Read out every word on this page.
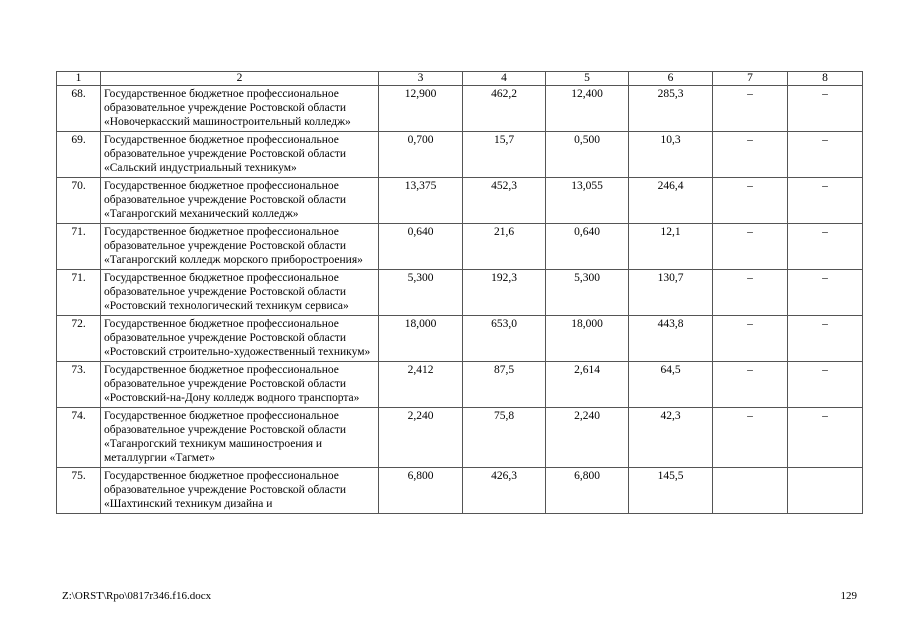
1	2	3	4	5	6	7	8
68.	Государственное бюджетное профессиональное образовательное учреждение Ростовской области «Новочеркасский машиностроительный колледж»	12,900	462,2	12,400	285,3	–	–
69.	Государственное бюджетное профессиональное образовательное учреждение Ростовской области «Сальский индустриальный техникум»	0,700	15,7	0,500	10,3	–	–
70.	Государственное бюджетное профессиональное образовательное учреждение Ростовской области «Таганрогский механический колледж»	13,375	452,3	13,055	246,4	–	–
71.	Государственное бюджетное профессиональное образовательное учреждение Ростовской области «Таганрогский колледж морского приборостроения»	0,640	21,6	0,640	12,1	–	–
71.	Государственное бюджетное профессиональное образовательное учреждение Ростовской области «Ростовский технологический техникум сервиса»	5,300	192,3	5,300	130,7	–	–
72.	Государственное бюджетное профессиональное образовательное учреждение Ростовской области «Ростовский строительно-художественный техникум»	18,000	653,0	18,000	443,8	–	–
73.	Государственное бюджетное профессиональное образовательное учреждение Ростовской области «Ростовский-на-Дону колледж водного транспорта»	2,412	87,5	2,614	64,5	–	–
74.	Государственное бюджетное профессиональное образовательное учреждение Ростовской области «Таганрогский техникум машиностроения и металлургии «Тагмет»	2,240	75,8	2,240	42,3	–	–
75.	Государственное бюджетное профессиональное образовательное учреждение Ростовской области «Шахтинский техникум дизайна и	6,800	426,3	6,800	145,5		
Z:\ORST\Rpo\0817r346.f16.docx	129
